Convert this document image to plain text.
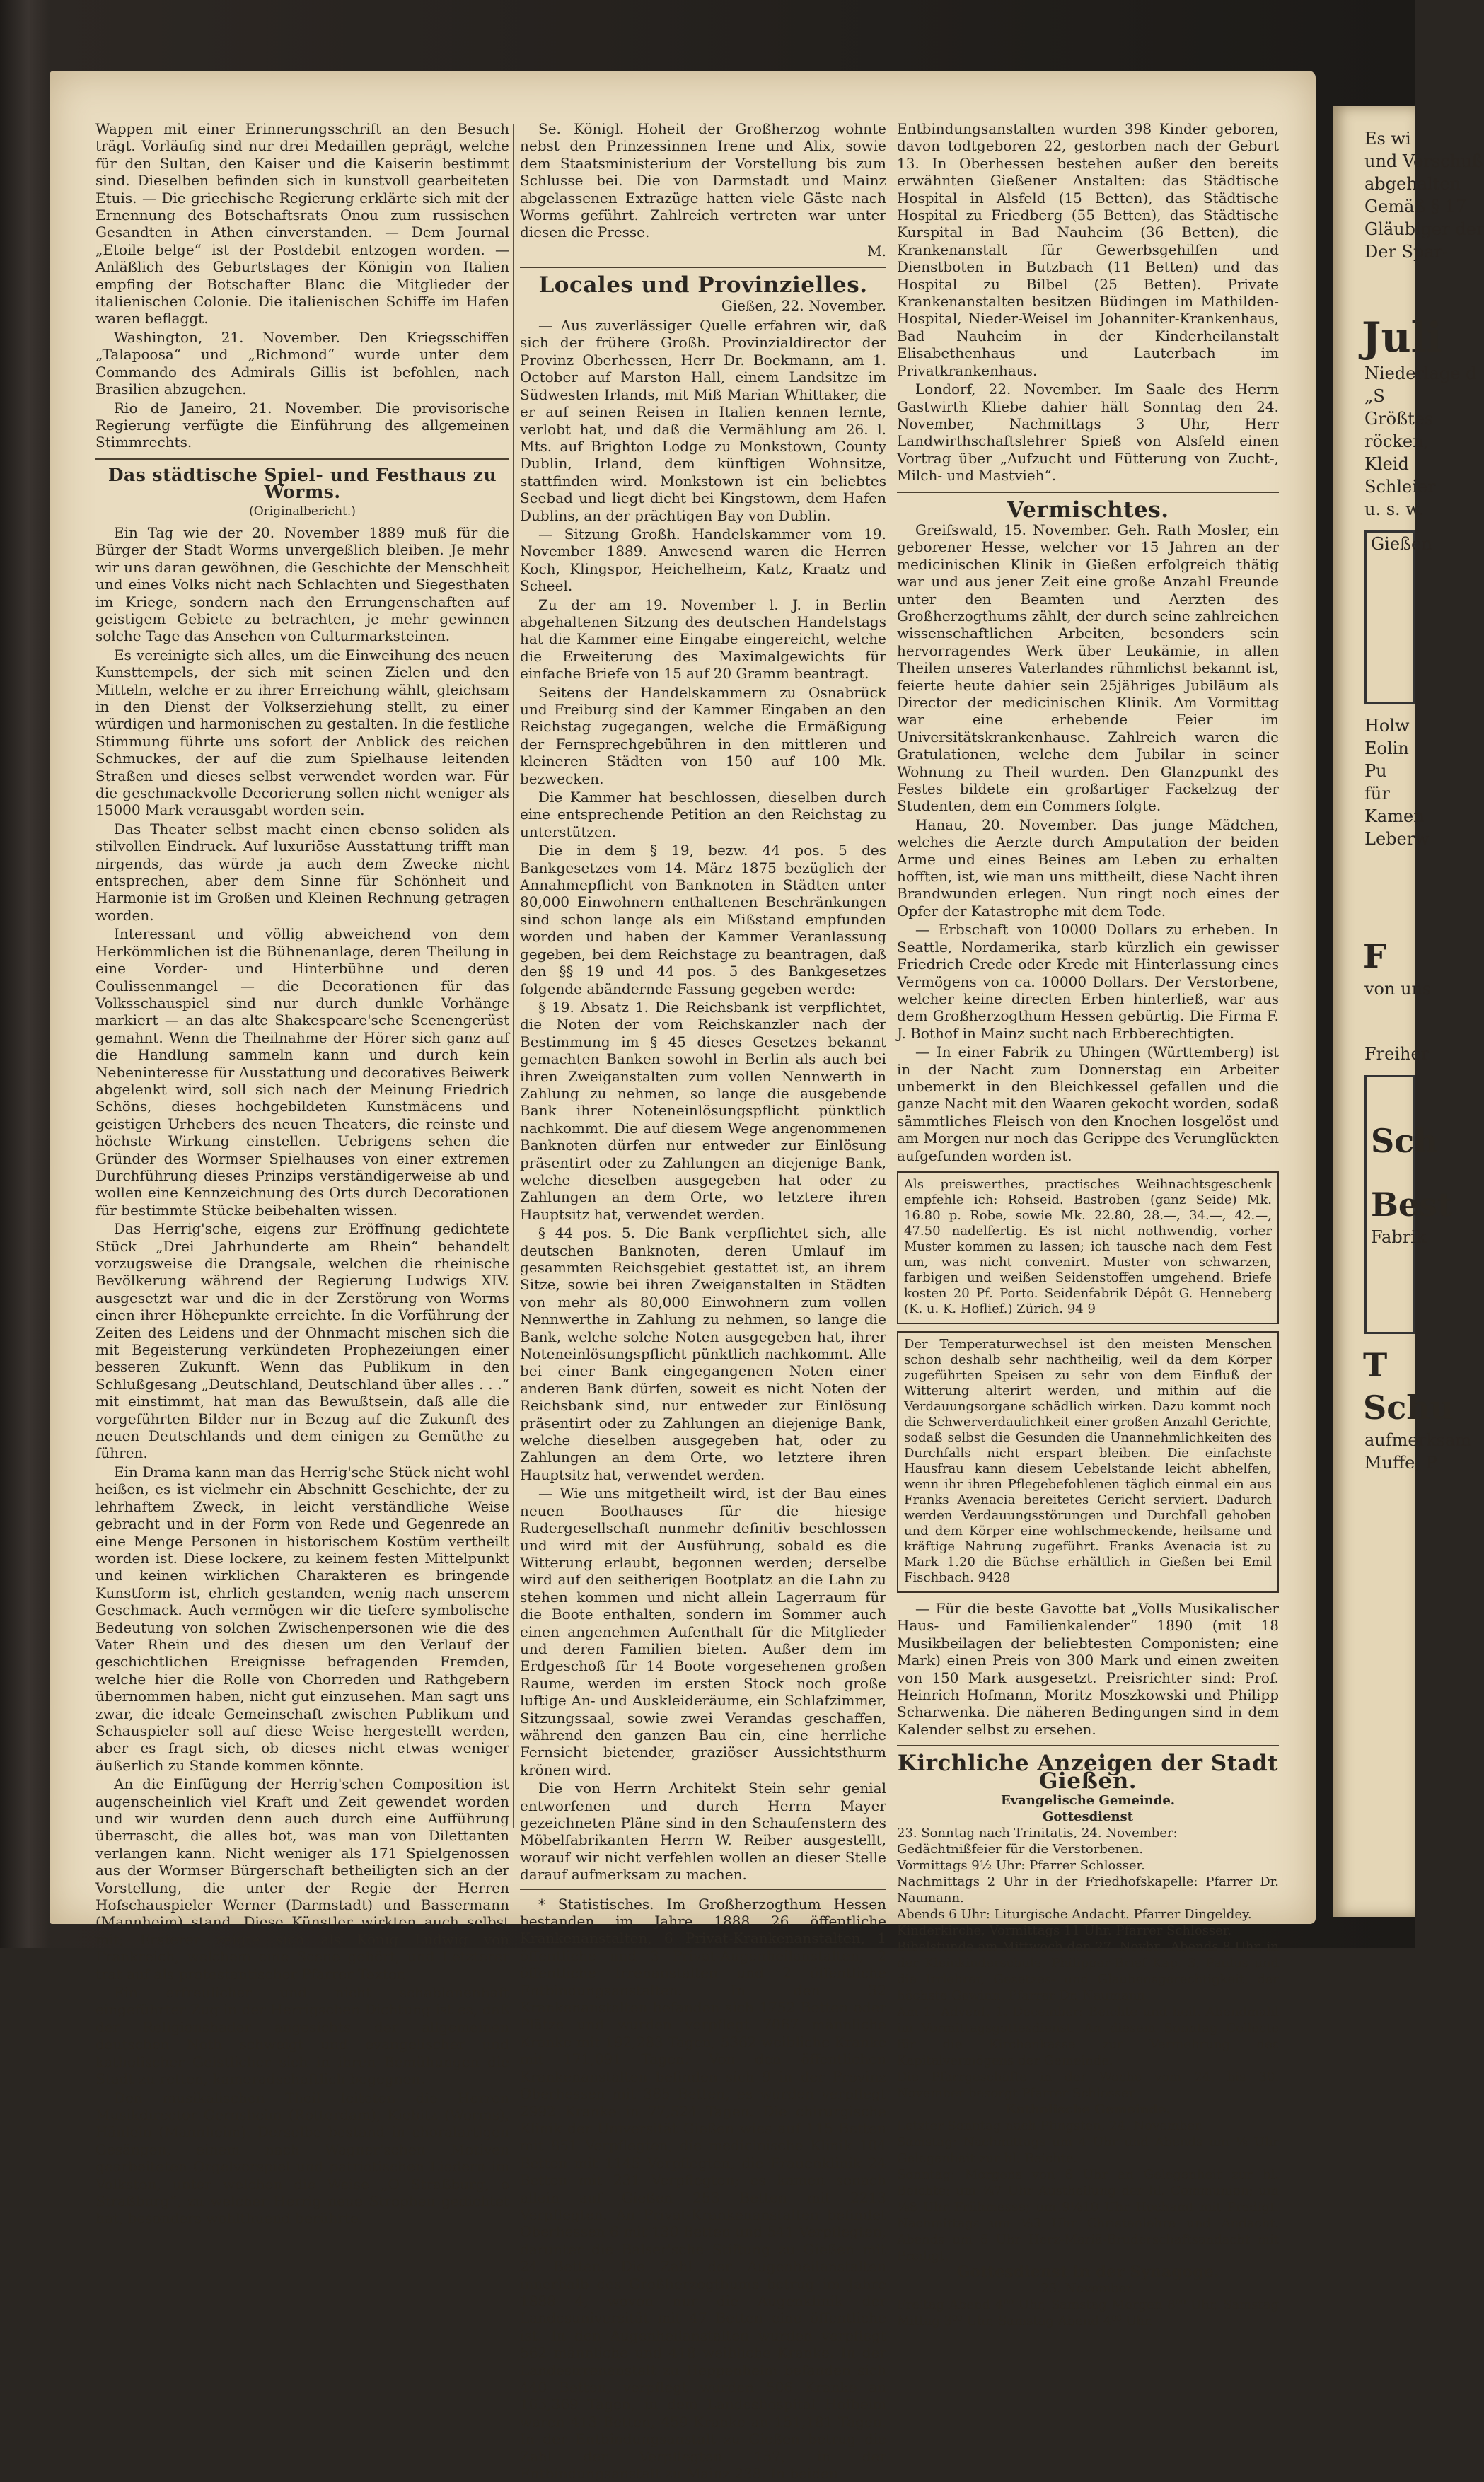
Wappen mit einer Erinnerungsschrift an den Besuch trägt. Vorläufig sind nur drei Medaillen geprägt, welche für den Sultan, den Kaiser und die Kaiserin bestimmt sind. Dieselben befinden sich in kunstvoll gearbeiteten Etuis. — Die griechische Regierung erklärte sich mit der Ernennung des Botschaftsrats Onou zum russischen Gesandten in Athen einverstanden. — Dem Journal „Etoile belge“ ist der Postdebit entzogen worden. — Anläßlich des Geburtstages der Königin von Italien empfing der Botschafter Blanc die Mitglieder der italienischen Colonie. Die italienischen Schiffe im Hafen waren beflaggt.

Washington, 21. November. Den Kriegsschiffen „Talapoosa“ und „Richmond“ wurde unter dem Commando des Admirals Gillis ist befohlen, nach Brasilien abzugehen.

Rio de Janeiro, 21. November. Die provisorische Regierung verfügte die Einführung des allgemeinen Stimmrechts.

Das städtische Spiel- und Festhaus zu Worms.
(Originalbericht.)

Ein Tag wie der 20. November 1889 muß für die Bürger der Stadt Worms unvergeßlich bleiben. Je mehr wir uns daran gewöhnen, die Geschichte der Menschheit und eines Volks nicht nach Schlachten und Siegesthaten im Kriege, sondern nach den Errungenschaften auf geistigem Gebiete zu betrachten, je mehr gewinnen solche Tage das Ansehen von Culturmarksteinen.

Es vereinigte sich alles, um die Einweihung des neuen Kunsttempels, der sich mit seinen Zielen und den Mitteln, welche er zu ihrer Erreichung wählt, gleichsam in den Dienst der Volkserziehung stellt, zu einer würdigen und harmonischen zu gestalten. In die festliche Stimmung führte uns sofort der Anblick des reichen Schmuckes, der auf die zum Spielhause leitenden Straßen und dieses selbst verwendet worden war. Für die geschmackvolle Decorierung sollen nicht weniger als 15000 Mark verausgabt worden sein.

Das Theater selbst macht einen ebenso soliden als stilvollen Eindruck. Auf luxuriöse Ausstattung trifft man nirgends, das würde ja auch dem Zwecke nicht entsprechen, aber dem Sinne für Schönheit und Harmonie ist im Großen und Kleinen Rechnung getragen worden.

Interessant und völlig abweichend von dem Herkömmlichen ist die Bühnenanlage, deren Theilung in eine Vorder- und Hinterbühne und deren Coulissenmangel — die Decorationen für das Volksschauspiel sind nur durch dunkle Vorhänge markiert — an das alte Shakespeare'sche Scenengerüst gemahnt. Wenn die Theilnahme der Hörer sich ganz auf die Handlung sammeln kann und durch kein Nebeninteresse für Ausstattung und decoratives Beiwerk abgelenkt wird, soll sich nach der Meinung Friedrich Schöns, dieses hochgebildeten Kunstmäcens und geistigen Urhebers des neuen Theaters, die reinste und höchste Wirkung einstellen. Uebrigens sehen die Gründer des Wormser Spielhauses von einer extremen Durchführung dieses Prinzips verständigerweise ab und wollen eine Kennzeichnung des Orts durch Decorationen für bestimmte Stücke beibehalten wissen.

Das Herrig'sche, eigens zur Eröffnung gedichtete Stück „Drei Jahrhunderte am Rhein“ behandelt vorzugsweise die Drangsale, welchen die rheinische Bevölkerung während der Regierung Ludwigs XIV. ausgesetzt war und die in der Zerstörung von Worms einen ihrer Höhepunkte erreichte. In die Vorführung der Zeiten des Leidens und der Ohnmacht mischen sich die mit Begeisterung verkündeten Prophezeiungen einer besseren Zukunft. Wenn das Publikum in den Schlußgesang „Deutschland, Deutschland über alles . . .“ mit einstimmt, hat man das Bewußtsein, daß alle die vorgeführten Bilder nur in Bezug auf die Zukunft des neuen Deutschlands und dem einigen zu Gemüthe zu führen.

Ein Drama kann man das Herrig'sche Stück nicht wohl heißen, es ist vielmehr ein Abschnitt Geschichte, der zu lehrhaftem Zweck, in leicht verständliche Weise gebracht und in der Form von Rede und Gegenrede an eine Menge Personen in historischem Kostüm vertheilt worden ist. Diese lockere, zu keinem festen Mittelpunkt und keinen wirklichen Charakteren es bringende Kunstform ist, ehrlich gestanden, wenig nach unserem Geschmack. Auch vermögen wir die tiefere symbolische Bedeutung von solchen Zwischenpersonen wie die des Vater Rhein und des diesen um den Verlauf der geschichtlichen Ereignisse befragenden Fremden, welche hier die Rolle von Chorreden und Rathgebern übernommen haben, nicht gut einzusehen. Man sagt uns zwar, die ideale Gemeinschaft zwischen Publikum und Schauspieler soll auf diese Weise hergestellt werden, aber es fragt sich, ob dieses nicht etwas weniger äußerlich zu Stande kommen könnte.

An die Einfügung der Herrig'schen Composition ist augenscheinlich viel Kraft und Zeit gewendet worden und wir wurden denn auch durch eine Aufführung überrascht, die alles bot, was man von Dilettanten verlangen kann. Nicht weniger als 171 Spielgenossen aus der Wormser Bürgerschaft betheiligten sich an der Vorstellung, die unter der Regie der Herren Hofschauspieler Werner (Darmstadt) und Bassermann (Mannheim) stand. Diese Künstler wirkten auch selbst mit; Ersterer zeigte sich als König Ludwig von Frankreich, welchem eine Scene gehört, und Letzterer trat auf als protestantischer Pfarrer Textor.

Ein erfreulicher und nicht schablonenhaft eingeführter Zug in der Herrigschen Dichtung ist es, daß der Religionshader angesichts der allgemeinen deutschen Noth schweigt und evangelischer und katholischer Geistlicher sich in ihren Bemühungen die Stadt zu retten, kameradschaftlich begegnen.

Den musikalischen Theil leiteten die Herren Musikdirector Gernsheim (Rotterdam), Kiebitz (Worms), Hänlein (Mannheim). Derselbe bestand in choralartigen Gesängen, einem nach Wagner'schen Motiven gearbeiteten Orgelvorspiel und patriotischen Liedern im Volkston, unter welchen die Weise „O Straßburg, o Straßburg“, zu welcher Herrig neue Strophen gedichtet hat, besonders wohlthuend berührte.

Se. Königl. Hoheit der Großherzog wohnte nebst den Prinzessinnen Irene und Alix, sowie dem Staatsministerium der Vorstellung bis zum Schlusse bei. Die von Darmstadt und Mainz abgelassenen Extrazüge hatten viele Gäste nach Worms geführt. Zahlreich vertreten war unter diesen die Presse.

M.
Locales und Provinzielles.
Gießen, 22. November.

— Aus zuverlässiger Quelle erfahren wir, daß sich der frühere Großh. Provinzialdirector der Provinz Oberhessen, Herr Dr. Boekmann, am 1. October auf Marston Hall, einem Landsitze im Südwesten Irlands, mit Miß Marian Whittaker, die er auf seinen Reisen in Italien kennen lernte, verlobt hat, und daß die Vermählung am 26. l. Mts. auf Brighton Lodge zu Monkstown, County Dublin, Irland, dem künftigen Wohnsitze, stattfinden wird. Monkstown ist ein beliebtes Seebad und liegt dicht bei Kingstown, dem Hafen Dublins, an der prächtigen Bay von Dublin.

— Sitzung Großh. Handelskammer vom 19. November 1889. Anwesend waren die Herren Koch, Klingspor, Heichelheim, Katz, Kraatz und Scheel.

Zu der am 19. November l. J. in Berlin abgehaltenen Sitzung des deutschen Handelstags hat die Kammer eine Eingabe eingereicht, welche die Erweiterung des Maximalgewichts für einfache Briefe von 15 auf 20 Gramm beantragt.

Seitens der Handelskammern zu Osnabrück und Freiburg sind der Kammer Eingaben an den Reichstag zugegangen, welche die Ermäßigung der Fernsprechgebühren in den mittleren und kleineren Städten von 150 auf 100 Mk. bezwecken.

Die Kammer hat beschlossen, dieselben durch eine entsprechende Petition an den Reichstag zu unterstützen.

Die in dem § 19, bezw. 44 pos. 5 des Bankgesetzes vom 14. März 1875 bezüglich der Annahmepflicht von Banknoten in Städten unter 80,000 Einwohnern enthaltenen Beschränkungen sind schon lange als ein Mißstand empfunden worden und haben der Kammer Veranlassung gegeben, bei dem Reichstage zu beantragen, daß den §§ 19 und 44 pos. 5 des Bankgesetzes folgende abändernde Fassung gegeben werde:

§ 19. Absatz 1. Die Reichsbank ist verpflichtet, die Noten der vom Reichskanzler nach der Bestimmung im § 45 dieses Gesetzes bekannt gemachten Banken sowohl in Berlin als auch bei ihren Zweiganstalten zum vollen Nennwerth in Zahlung zu nehmen, so lange die ausgebende Bank ihrer Noteneinlösungspflicht pünktlich nachkommt. Die auf diesem Wege angenommenen Banknoten dürfen nur entweder zur Einlösung präsentirt oder zu Zahlungen an diejenige Bank, welche dieselben ausgegeben hat oder zu Zahlungen an dem Orte, wo letztere ihren Hauptsitz hat, verwendet werden.

§ 44 pos. 5. Die Bank verpflichtet sich, alle deutschen Banknoten, deren Umlauf im gesammten Reichsgebiet gestattet ist, an ihrem Sitze, sowie bei ihren Zweiganstalten in Städten von mehr als 80,000 Einwohnern zum vollen Nennwerthe in Zahlung zu nehmen, so lange die Bank, welche solche Noten ausgegeben hat, ihrer Noteneinlösungspflicht pünktlich nachkommt. Alle bei einer Bank eingegangenen Noten einer anderen Bank dürfen, soweit es nicht Noten der Reichsbank sind, nur entweder zur Einlösung präsentirt oder zu Zahlungen an diejenige Bank, welche dieselben ausgegeben hat, oder zu Zahlungen an dem Orte, wo letztere ihren Hauptsitz hat, verwendet werden.

— Wie uns mitgetheilt wird, ist der Bau eines neuen Boothauses für die hiesige Rudergesellschaft nunmehr definitiv beschlossen und wird mit der Ausführung, sobald es die Witterung erlaubt, begonnen werden; derselbe wird auf den seitherigen Bootplatz an die Lahn zu stehen kommen und nicht allein Lagerraum für die Boote enthalten, sondern im Sommer auch einen angenehmen Aufenthalt für die Mitglieder und deren Familien bieten. Außer dem im Erdgeschoß für 14 Boote vorgesehenen großen Raume, werden im ersten Stock noch große luftige An- und Auskleideräume, ein Schlafzimmer, Sitzungssaal, sowie zwei Verandas geschaffen, während den ganzen Bau ein, eine herrliche Fernsicht bietender, graziöser Aussichtsthurm krönen wird.

Die von Herrn Architekt Stein sehr genial entworfenen und durch Herrn Mayer gezeichneten Pläne sind in den Schaufenstern des Möbelfabrikanten Herrn W. Reiber ausgestellt, worauf wir nicht verfehlen wollen an dieser Stelle darauf aufmerksam zu machen.

* Statistisches. Im Großherzogthum Hessen bestanden im Jahre 1888 26 öffentliche Krankenanstalten, 6 Privat-Krankenanstalten, 1 öffentliche und 3 Privat-Augenheilanstalten, 2 öffentliche Irrenanstalten und 2 öffentliche Entbindungsanstalten. In den 32 Krankenanstalten befanden sich 1752 Betten oder Plätze und wurden verpflegt 7067 männliche Kranke mit 192,283 Tagen, 5362 weibliche Kranke mit 171,091 Tagen. Von den öffentlichen Krankenanstalten befinden sich 9 in der Provinz Oberhessen mit 385 Betten, es wurden verpflegt 2992 Kranke in 77,524 Tagen. Die chirurgische Klinik der Universität Gießen wies auf 115 Betten mit 851 Verpflegten, die medicinische Klinik 104 Betten mit 1145 Verpflegten, die Frauenklinik 24 Betten mit 231 Verpflegten; es kamen sonach allein auf Gießen 253 Betten mit 2213 Verpflegten. An Privat-Krankenanstalten befindet Oberhessen 6 mit 130 Betten und 541 Verpflegten, darunter die Balser'sche Stiftung zu Gießen mit 24 Betten. Die Zahl der Augenheilanstalten innerhalb des Großherzogthums betrug im Jahre 1888 4, wovon nur die Augenklinik der Landesuniversität mit 47 Betten eine öffentliche ist. In den Augenheilanstalten wurden verpflegt 562 männliche und 418 weibliche Kranke. In der Landesirrenanstalt zu Heppenheim befanden sich 440 Betten, verpflegt wurden 506 Kranke an 165,369 Tagen, in dem Landeshospital Hofheim waren 413 Betten, 459 Kranke an 151,181 Tagen. In der Entbindungsanstalt zu Gießen betrug die Zahl der Verpflegten 157, in der Entbindungsanstalt zu Mainz 238. In beiden

Entbindungsanstalten wurden 398 Kinder geboren, davon todtgeboren 22, gestorben nach der Geburt 13. In Oberhessen bestehen außer den bereits erwähnten Gießener Anstalten: das Städtische Hospital in Alsfeld (15 Betten), das Städtische Hospital zu Friedberg (55 Betten), das Städtische Kurspital in Bad Nauheim (36 Betten), die Krankenanstalt für Gewerbsgehilfen und Dienstboten in Butzbach (11 Betten) und das Hospital zu Bilbel (25 Betten). Private Krankenanstalten besitzen Büdingen im Mathilden-Hospital, Nieder-Weisel im Johanniter-Krankenhaus, Bad Nauheim in der Kinderheilanstalt Elisabethenhaus und Lauterbach im Privatkrankenhaus.

Londorf, 22. November. Im Saale des Herrn Gastwirth Kliebe dahier hält Sonntag den 24. November, Nachmittags 3 Uhr, Herr Landwirthschaftslehrer Spieß von Alsfeld einen Vortrag über „Aufzucht und Fütterung von Zucht-, Milch- und Mastvieh“.

Vermischtes.

Greifswald, 15. November. Geh. Rath Mosler, ein geborener Hesse, welcher vor 15 Jahren an der medicinischen Klinik in Gießen erfolgreich thätig war und aus jener Zeit eine große Anzahl Freunde unter den Beamten und Aerzten des Großherzogthums zählt, der durch seine zahlreichen wissenschaftlichen Arbeiten, besonders sein hervorragendes Werk über Leukämie, in allen Theilen unseres Vaterlandes rühmlichst bekannt ist, feierte heute dahier sein 25jähriges Jubiläum als Director der medicinischen Klinik. Am Vormittag war eine erhebende Feier im Universitätskrankenhause. Zahlreich waren die Gratulationen, welche dem Jubilar in seiner Wohnung zu Theil wurden. Den Glanzpunkt des Festes bildete ein großartiger Fackelzug der Studenten, dem ein Commers folgte.

Hanau, 20. November. Das junge Mädchen, welches die Aerzte durch Amputation der beiden Arme und eines Beines am Leben zu erhalten hofften, ist, wie man uns mittheilt, diese Nacht ihren Brandwunden erlegen. Nun ringt noch eines der Opfer der Katastrophe mit dem Tode.

— Erbschaft von 10000 Dollars zu erheben. In Seattle, Nordamerika, starb kürzlich ein gewisser Friedrich Crede oder Krede mit Hinterlassung eines Vermögens von ca. 10000 Dollars. Der Verstorbene, welcher keine directen Erben hinterließ, war aus dem Großherzogthum Hessen gebürtig. Die Firma F. J. Bothof in Mainz sucht nach Erbberechtigten.

— In einer Fabrik zu Uhingen (Württemberg) ist in der Nacht zum Donnerstag ein Arbeiter unbemerkt in den Bleichkessel gefallen und die ganze Nacht mit den Waaren gekocht worden, sodaß sämmtliches Fleisch von den Knochen losgelöst und am Morgen nur noch das Gerippe des Verunglückten aufgefunden worden ist.

Als preiswerthes, practisches Weihnachtsgeschenk empfehle ich: Rohseid. Bastroben (ganz Seide) Mk. 16.80 p. Robe, sowie Mk. 22.80, 28.—, 34.—, 42.—, 47.50 nadelfertig. Es ist nicht nothwendig, vorher Muster kommen zu lassen; ich tausche nach dem Fest um, was nicht convenirt. Muster von schwarzen, farbigen und weißen Seidenstoffen umgehend. Briefe kosten 20 Pf. Porto. Seidenfabrik Dépôt G. Henneberg (K. u. K. Hoflief.) Zürich. 94 9

Der Temperaturwechsel ist den meisten Menschen schon deshalb sehr nachtheilig, weil da dem Körper zugeführten Speisen zu sehr von dem Einfluß der Witterung alterirt werden, und mithin auf die Verdauungsorgane schädlich wirken. Dazu kommt noch die Schwerverdaulichkeit einer großen Anzahl Gerichte, sodaß selbst die Gesunden die Unannehmlichkeiten des Durchfalls nicht erspart bleiben. Die einfachste Hausfrau kann diesem Uebelstande leicht abhelfen, wenn ihr ihren Pflegebefohlenen täglich einmal ein aus Franks Avenacia bereitetes Gericht serviert. Dadurch werden Verdauungsstörungen und Durchfall gehoben und dem Körper eine wohlschmeckende, heilsame und kräftige Nahrung zugeführt. Franks Avenacia ist zu Mark 1.20 die Büchse erhältlich in Gießen bei Emil Fischbach. 9428

— Für die beste Gavotte bat „Volls Musikalischer Haus- und Familienkalender“ 1890 (mit 18 Musikbeilagen der beliebtesten Componisten; eine Mark) einen Preis von 300 Mark und einen zweiten von 150 Mark ausgesetzt. Preisrichter sind: Prof. Heinrich Hofmann, Moritz Moszkowski und Philipp Scharwenka. Die näheren Bedingungen sind in dem Kalender selbst zu ersehen.

Kirchliche Anzeigen der Stadt Gießen.

Evangelische Gemeinde.

Gottesdienst

23. Sonntag nach Trinitatis, 24. November:

Gedächtnißfeier für die Verstorbenen.

Vormittags 9½ Uhr: Pfarrer Schlosser.

Nachmittags 2 Uhr in der Friedhofskapelle: Pfarrer Dr. Naumann.

Abends 6 Uhr: Liturgische Andacht. Pfarrer Dingeldey.

Kinderkirche, Vormittags 11 Uhr. Pfarrer Schlosser.

Bibelstunde am Mittwoch den 27. Novbr., Abends 8 Uhr, in der Kleinkinderschule, Philipper-Brief Kap. 3, Paulus und die Irrlehrer, Gesetzes- und Glaubensgerechtigkeit, der höchste Gewinn. Pfarrer Dr. Naumann

Am 1. Advent, 1. December: Beichte und heil. Abendmahl im Vormittagsgottesdienst. An diesem Sonntag Collecte für die Kirchenkasse zur Vermehrung des Kapitalvermögens der Gemeinde.

Die Pfarrgeschäfte in der Woche vom 24. bis 30. November besorgt Pfarrer Schlosser.

Katholische Gemeinde.

Letzter Sonntag nach Pfingsten, 24. November.

Samstag: Nachmittags um 4 Uhr und Abends um ⅛ Uhr Gelegenheit zur hl. Beichte.

Sonntag: Morgens von 6 Uhr an Gelegenheit zur hl. Beichte; um ⅞7 Uhr Austheilung der hl. Communion; um ⅛8 Uhr Frühmesse; um 9⅛10 Uhr Hochamt mit Predigt. Nachmittags um ⅓3 Uhr Christenlehre und Andacht. Abends um 6 Uhr Herz-Mariä-Bruderschaftsandacht mit Predigt.

Gottesdienst in der Synagoge.

23. November.

Freitag Abend 4⁰⁰ Uhr, Samstag Morgen 8⁰⁰ Uhr, Samstag Mittag 3⁰⁰ Uhr, Samstag Abend 4⁰⁰ Uhr.

Es wi
und Vorschuß
abgehalten
Gemäß § 17
Gläubiger der
Der Spar-
Juli
Niederlage d
„S
Größtes
röcken,
Kleid
Schleier
u. s. w.
Gießen
Holw
Eolin
Pu
für
Kamen
Leberw
F
von uns
Freiher
Sch
Best
Fabrik
T
Schu
aufmerksam
Muffe, P
